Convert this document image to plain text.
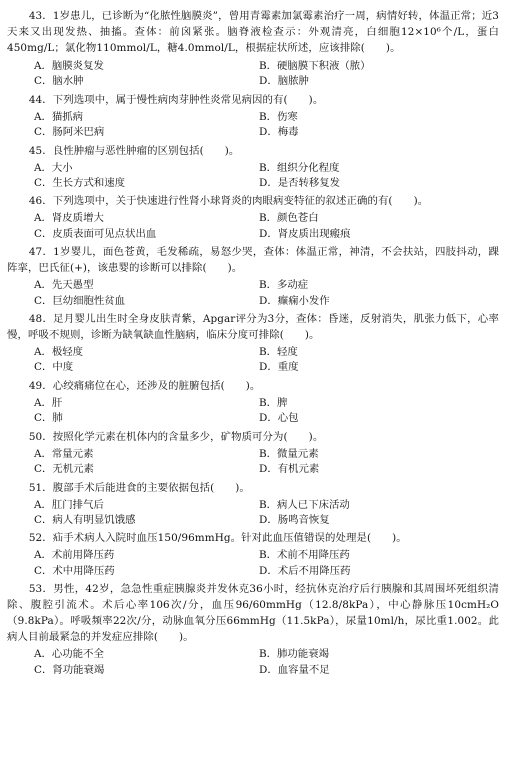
43．1岁患儿，已诊断为“化脓性脑膜炎”，曾用青霉素加氯霉素治疗一周，病情好转，体温正常；近3天来又出现发热、抽搐。查体：前囟紧张。脑脊液检查示：外观清亮，白细胞12×10⁶个/L，蛋白450mg/L；氯化物110mmol/L，糖4.0mmol/L，根据症状所述，应该排除(　　)。

A．脑膜炎复发	B．硬脑膜下积液（脓）
C．脑水肿	D．脑脓肿

44．下列选项中，属于慢性病肉芽肿性炎常见病因的有(　　)。

A．猫抓病	B．伤寒
C．肠阿米巴病	D．梅毒

45．良性肿瘤与恶性肿瘤的区别包括(　　)。

A．大小	B．组织分化程度
C．生长方式和速度	D．是否转移复发

46．下列选项中，关于快速进行性肾小球肾炎的肉眼病变特征的叙述正确的有(　　)。

A．肾皮质增大	B．颜色苍白
C．皮质表面可见点状出血	D．肾皮质出现瘢痕

47．1岁婴儿，面色苍黄，毛发稀疏，易怒少哭，查体：体温正常，神清，不会扶站，四肢抖动，踝阵挛，巴氏征(+)，该患婴的诊断可以排除(　　)。

A．先天愚型	B．多动症
C．巨幼细胞性贫血	D．癫痫小发作

48．足月婴儿出生时全身皮肤青紫，Apgar评分为3分，查体：昏迷，反射消失，肌张力低下，心率慢，呼吸不规则，诊断为缺氧缺血性脑病，临床分度可排除(　　)。

A．极轻度	B．轻度
C．中度	D．重度

49．心绞痛痛位在心，还涉及的脏腑包括(　　)。

A．肝	B．脾
C．肺	D．心包

50．按照化学元素在机体内的含量多少，矿物质可分为(　　)。

A．常量元素	B．微量元素
C．无机元素	D．有机元素

51．腹部手术后能进食的主要依据包括(　　)。

A．肛门排气后	B．病人已下床活动
C．病人有明显饥饿感	D．肠鸣音恢复

52．疝手术病人入院时血压150/96mmHg。针对此血压值错误的处理是(　　)。

A．术前用降压药	B．术前不用降压药
C．术中用降压药	D．术后不用降压药

53．男性，42岁，急急性重症胰腺炎并发休克36小时，经抗休克治疗后行胰腺和其周围坏死组织清除、腹腔引流术。术后心率106次/分，血压96/60mmHg（12.8/8kPa），中心静脉压10cmH₂O（9.8kPa）。呼吸频率22次/分，动脉血氧分压66mmHg（11.5kPa），尿量10ml/h，尿比重1.002。此病人目前最紧急的并发症应排除(　　)。

A．心功能不全	B．肺功能衰竭
C．肾功能衰竭	D．血容量不足
